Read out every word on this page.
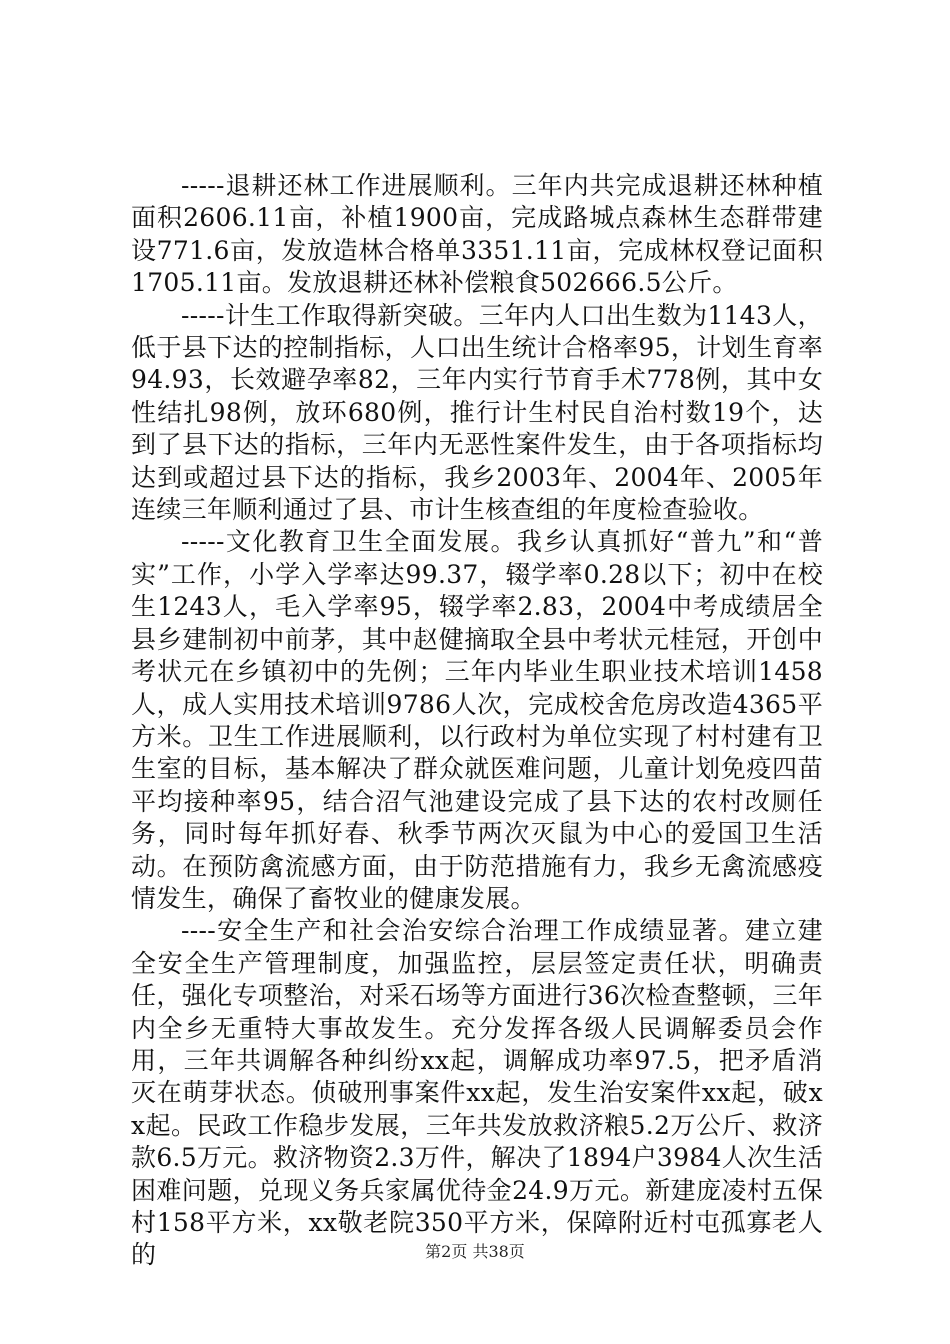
-----退耕还林工作进展顺利。三年内共完成退耕还林种植面积2606.11亩，补植1900亩，完成路城点森林生态群带建设771.6亩，发放造林合格单3351.11亩，完成林权登记面积1705.11亩。发放退耕还林补偿粮食502666.5公斤。

-----计生工作取得新突破。三年内人口出生数为1143人，低于县下达的控制指标，人口出生统计合格率95，计划生育率94.93，长效避孕率82，三年内实行节育手术778例，其中女性结扎98例，放环680例，推行计生村民自治村数19个，达到了县下达的指标，三年内无恶性案件发生，由于各项指标均达到或超过县下达的指标，我乡2003年、2004年、2005年连续三年顺利通过了县、市计生核查组的年度检查验收。

-----文化教育卫生全面发展。我乡认真抓好“普九”和“普实”工作，小学入学率达99.37，辍学率0.28以下；初中在校生1243人，毛入学率95，辍学率2.83，2004中考成绩居全县乡建制初中前茅，其中赵健摘取全县中考状元桂冠，开创中考状元在乡镇初中的先例；三年内毕业生职业技术培训1458人，成人实用技术培训9786人次，完成校舍危房改造4365平方米。卫生工作进展顺利，以行政村为单位实现了村村建有卫生室的目标，基本解决了群众就医难问题，儿童计划免疫四苗平均接种率95，结合沼气池建设完成了县下达的农村改厕任务，同时每年抓好春、秋季节两次灭鼠为中心的爱国卫生活动。在预防禽流感方面，由于防范措施有力，我乡无禽流感疫情发生，确保了畜牧业的健康发展。

----安全生产和社会治安综合治理工作成绩显著。建立建全安全生产管理制度，加强监控，层层签定责任状，明确责任，强化专项整治，对采石场等方面进行36次检查整顿，三年内全乡无重特大事故发生。充分发挥各级人民调解委员会作用，三年共调解各种纠纷xx起，调解成功率97.5，把矛盾消灭在萌芽状态。侦破刑事案件xx起，发生治安案件xx起，破xx起。民政工作稳步发展，三年共发放救济粮5.2万公斤、救济款6.5万元。救济物资2.3万件，解决了1894户3984人次生活困难问题，兑现义务兵家属优待金24.9万元。新建庞凌村五保村158平方米，xx敬老院350平方米，保障附近村屯孤寡老人的	第2页 共38页
